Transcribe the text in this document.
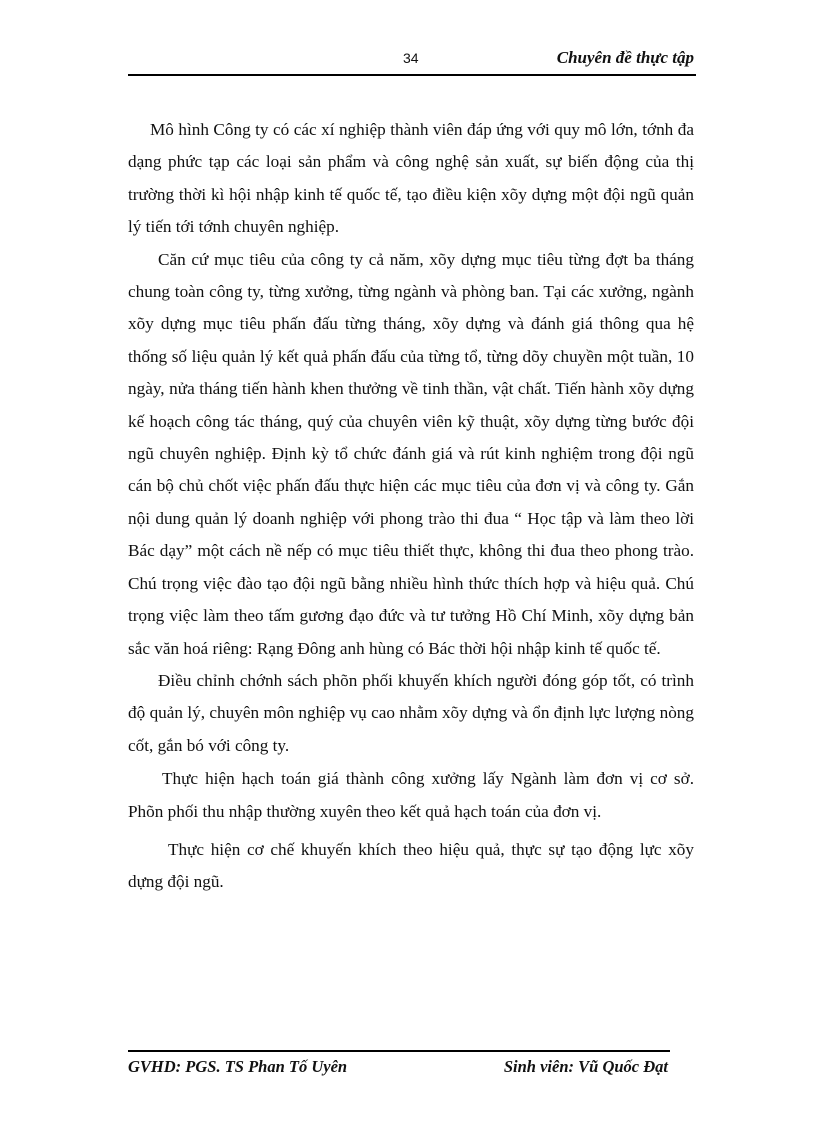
34	Chuyên đề thực tập

Mô hình Công ty có các xí nghiệp thành viên đáp ứng với quy mô lớn, tớnh đa dạng phức tạp các loại sản phẩm và công nghệ sản xuất, sự biến động của thị trường thời kì hội nhập kinh tế quốc tế, tạo điều kiện xõy dựng một đội ngũ quản lý tiến tới tớnh chuyên nghiệp.

Căn cứ mục tiêu của công ty cả năm, xõy dựng mục tiêu từng đợt ba tháng chung toàn công ty, từng xưởng, từng ngành và phòng ban. Tại các xưởng, ngành xõy dựng mục tiêu phấn đấu từng tháng, xõy dựng và đánh giá thông qua hệ thống số liệu quản lý kết quả phấn đấu của từng tổ, từng dõy chuyền một tuần, 10 ngày, nửa tháng tiến hành khen thưởng về tinh thần, vật chất. Tiến hành xõy dựng kế hoạch công tác tháng, quý của chuyên viên kỹ thuật, xõy dựng từng bước đội ngũ chuyên nghiệp. Định kỳ tổ chức đánh giá và rút kinh nghiệm trong đội ngũ cán bộ chủ chốt việc phấn đấu thực hiện các mục tiêu của đơn vị và công ty. Gắn nội dung quản lý doanh nghiệp với phong trào thi đua “ Học tập và làm theo lời Bác dạy” một cách nề nếp có mục tiêu thiết thực, không thi đua theo phong trào. Chú trọng việc đào tạo đội ngũ bằng nhiều hình thức thích hợp và hiệu quả. Chú trọng việc làm theo tấm gương đạo đức và tư tưởng Hồ Chí Minh, xõy dựng bản sắc văn hoá riêng: Rạng Đông anh hùng có Bác thời hội nhập kinh tế quốc tế.

Điều chỉnh chớnh sách phõn phối khuyến khích người đóng góp tốt, có trình độ quản lý, chuyên môn nghiệp vụ cao nhằm xõy dựng và ổn định lực lượng nòng cốt, gắn bó với công ty.

Thực hiện hạch toán giá thành công xưởng lấy Ngành làm đơn vị cơ sở. Phõn phối thu nhập thường xuyên theo kết quả hạch toán của đơn vị.

Thực hiện cơ chế khuyến khích theo hiệu quả, thực sự tạo động lực xõy dựng đội ngũ.

GVHD: PGS. TS Phan Tố Uyên	Sinh viên: Vũ Quốc Đạt
